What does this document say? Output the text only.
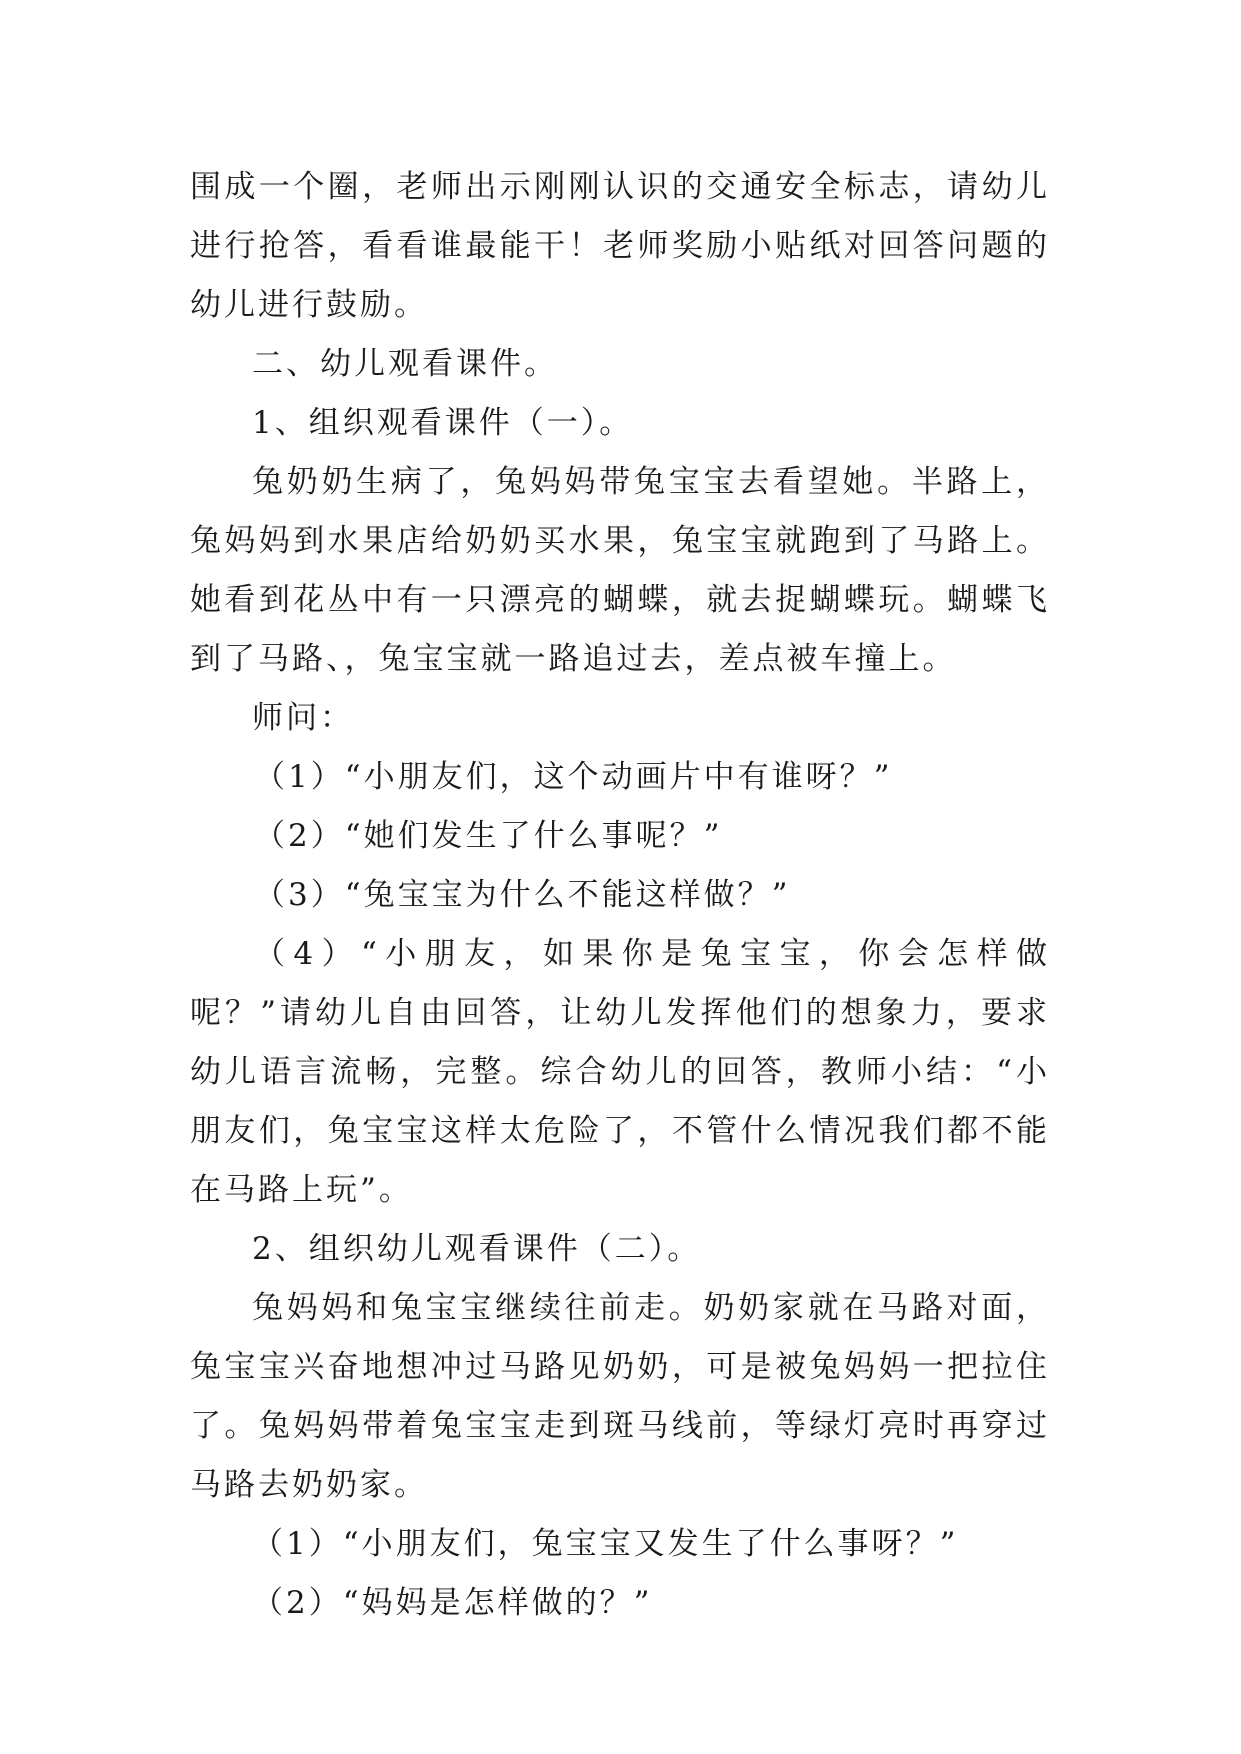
围成一个圈，老师出示刚刚认识的交通安全标志，请幼儿进行抢答，看看谁最能干！老师奖励小贴纸对回答问题的幼儿进行鼓励。

二、幼儿观看课件。

1、组织观看课件（一）。

兔奶奶生病了，兔妈妈带兔宝宝去看望她。半路上，兔妈妈到水果店给奶奶买水果，兔宝宝就跑到了马路上。她看到花丛中有一只漂亮的蝴蝶，就去捉蝴蝶玩。蝴蝶飞到了马路、，兔宝宝就一路追过去，差点被车撞上。

师问：

（1）“小朋友们，这个动画片中有谁呀？”

（2）“她们发生了什么事呢？”

（3）“兔宝宝为什么不能这样做？”

（4）“小朋友，如果你是兔宝宝，你会怎样做呢？”请幼儿自由回答，让幼儿发挥他们的想象力，要求幼儿语言流畅，完整。综合幼儿的回答，教师小结：“小朋友们，兔宝宝这样太危险了，不管什么情况我们都不能在马路上玩”。

2、组织幼儿观看课件（二）。

兔妈妈和兔宝宝继续往前走。奶奶家就在马路对面，兔宝宝兴奋地想冲过马路见奶奶，可是被兔妈妈一把拉住了。兔妈妈带着兔宝宝走到斑马线前，等绿灯亮时再穿过马路去奶奶家。

（1）“小朋友们，兔宝宝又发生了什么事呀？”

（2）“妈妈是怎样做的？”
